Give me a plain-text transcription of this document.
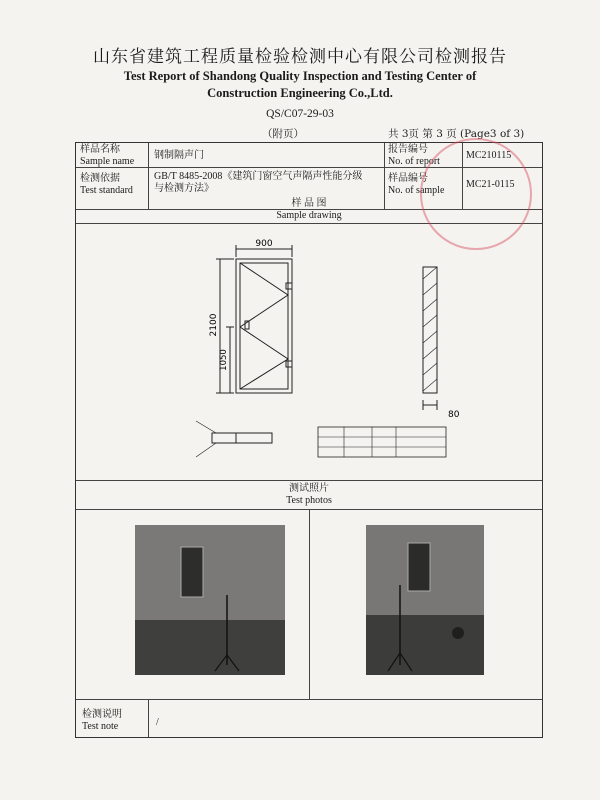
山东省建筑工程质量检验检测中心有限公司检测报告
Test Report of Shandong Quality Inspection and Testing Center of
Construction Engineering Co.,Ltd.
QS/C07-29-03
（附页）	共 3页 第 3 页 (Page3 of 3)
样品名称
Sample name
钢制隔声门
报告编号
No. of report
MC210115
检测依据
Test standard
GB/T 8485-2008《建筑门窗空气声隔声性能分级
与检测方法》
样品编号
No. of sample
MC21-0115
样 品 图
Sample drawing
900
2100
1050
80
测试照片
Test photos
检测说明
Test note	/
